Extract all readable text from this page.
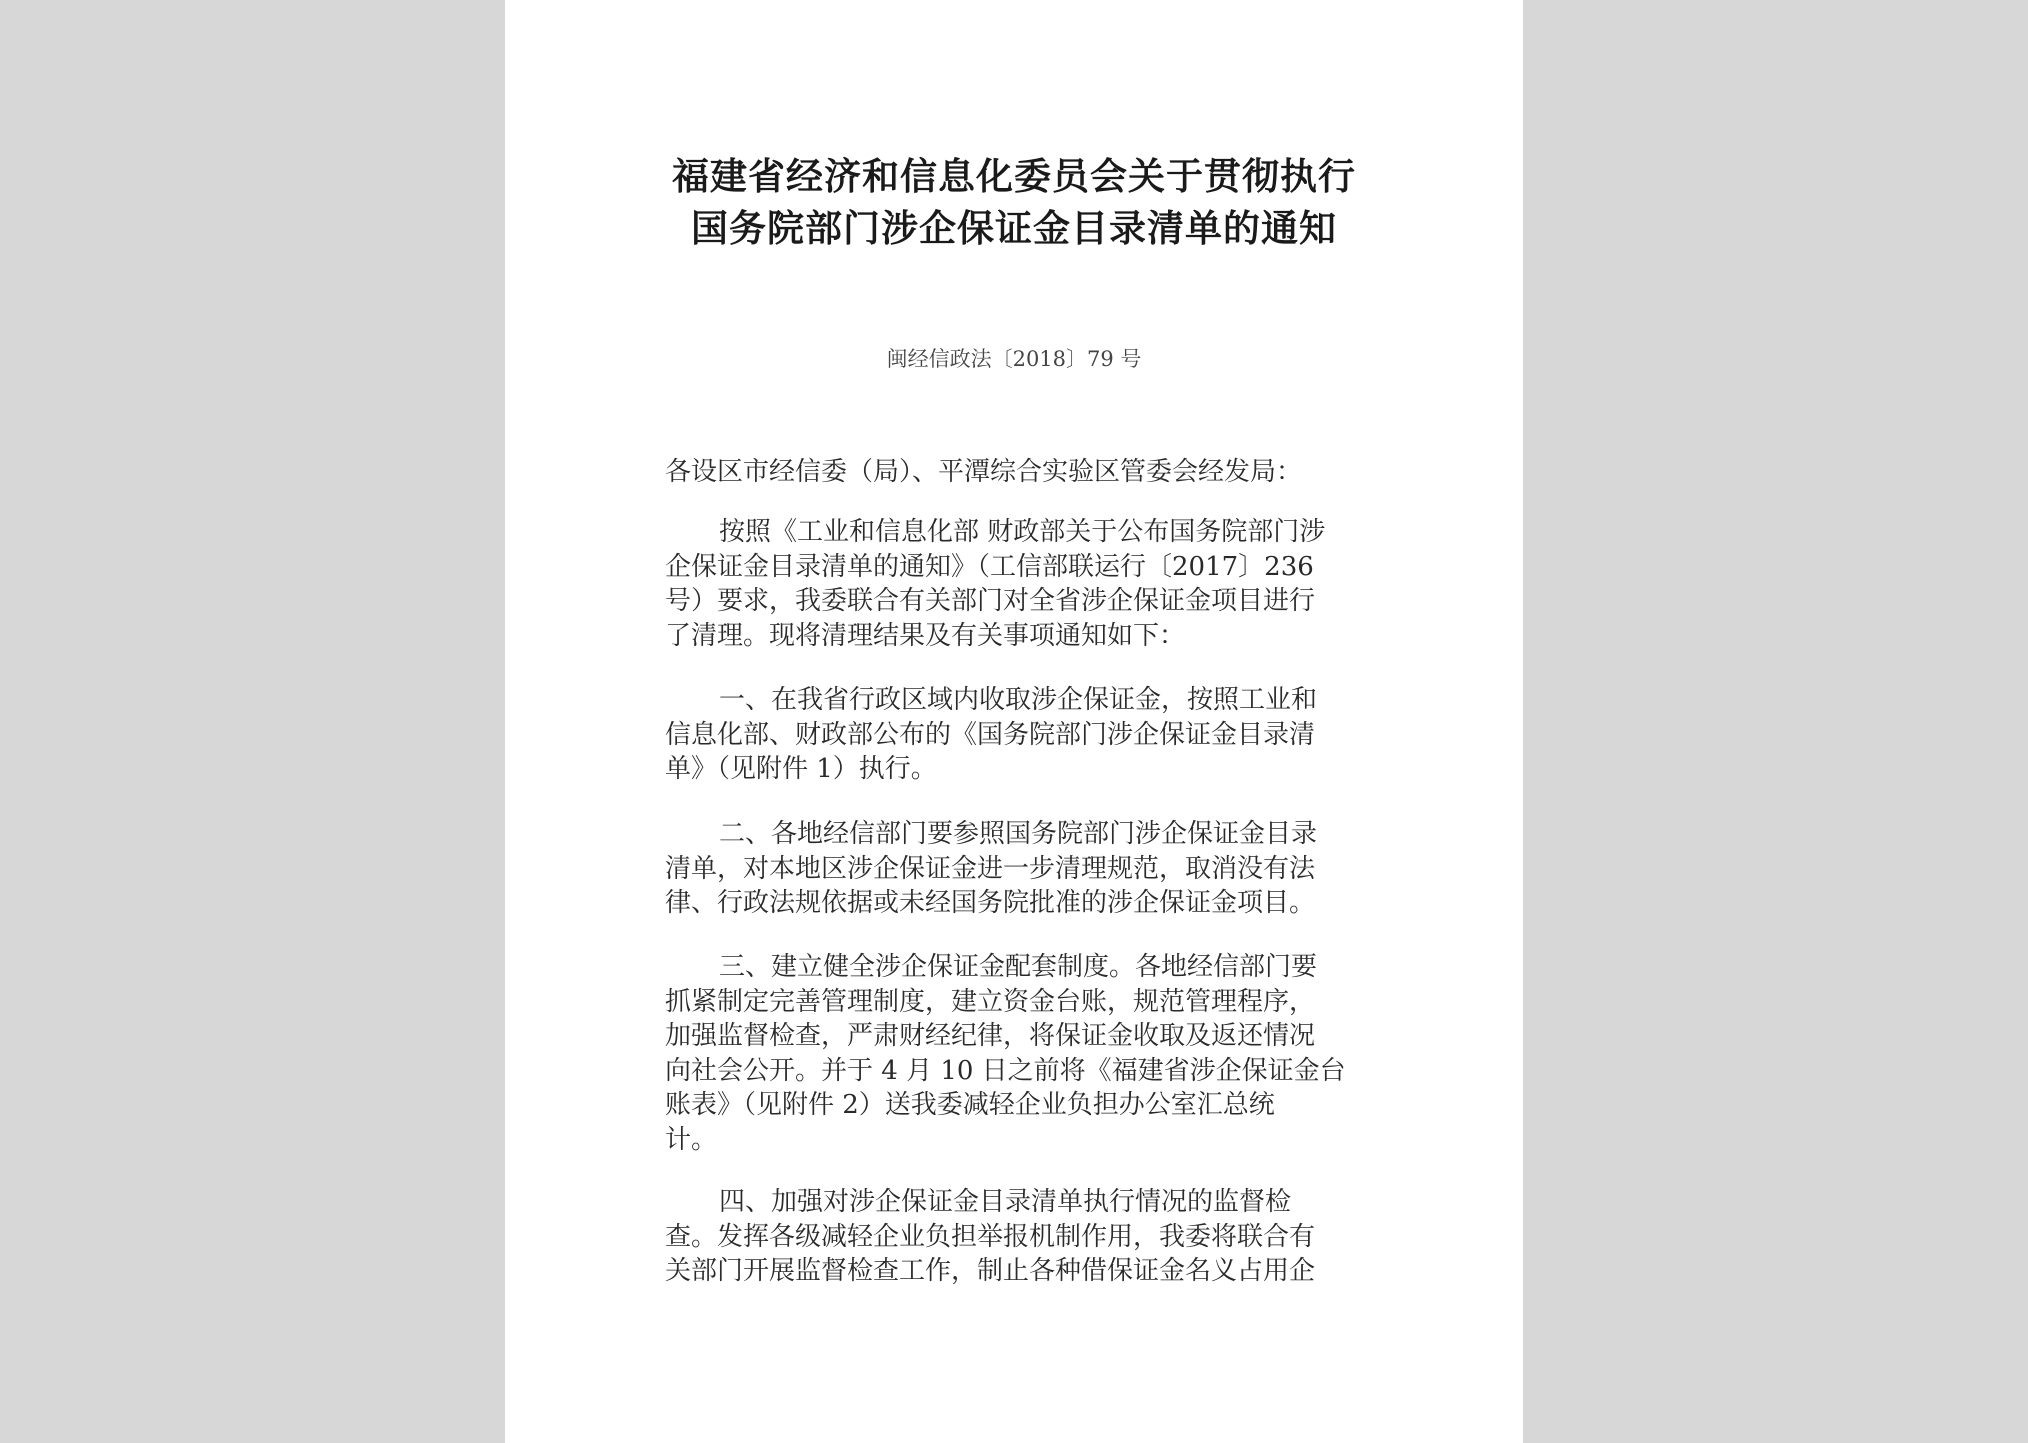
福建省经济和信息化委员会关于贯彻执行
国务院部门涉企保证金目录清单的通知
闽经信政法〔2018〕79 号
各设区市经信委（局）、平潭综合实验区管委会经发局：
按照《工业和信息化部 财政部关于公布国务院部门涉
企保证金目录清单的通知》（工信部联运行〔2017〕236
号）要求，我委联合有关部门对全省涉企保证金项目进行
了清理。现将清理结果及有关事项通知如下：
一、在我省行政区域内收取涉企保证金，按照工业和
信息化部、财政部公布的《国务院部门涉企保证金目录清
单》（见附件 1）执行。
二、各地经信部门要参照国务院部门涉企保证金目录
清单，对本地区涉企保证金进一步清理规范，取消没有法
律、行政法规依据或未经国务院批准的涉企保证金项目。
三、建立健全涉企保证金配套制度。各地经信部门要
抓紧制定完善管理制度，建立资金台账，规范管理程序，
加强监督检查，严肃财经纪律，将保证金收取及返还情况
向社会公开。并于 4 月 10 日之前将《福建省涉企保证金台
账表》（见附件 2）送我委减轻企业负担办公室汇总统
计。
四、加强对涉企保证金目录清单执行情况的监督检
查。发挥各级减轻企业负担举报机制作用，我委将联合有
关部门开展监督检查工作，制止各种借保证金名义占用企
